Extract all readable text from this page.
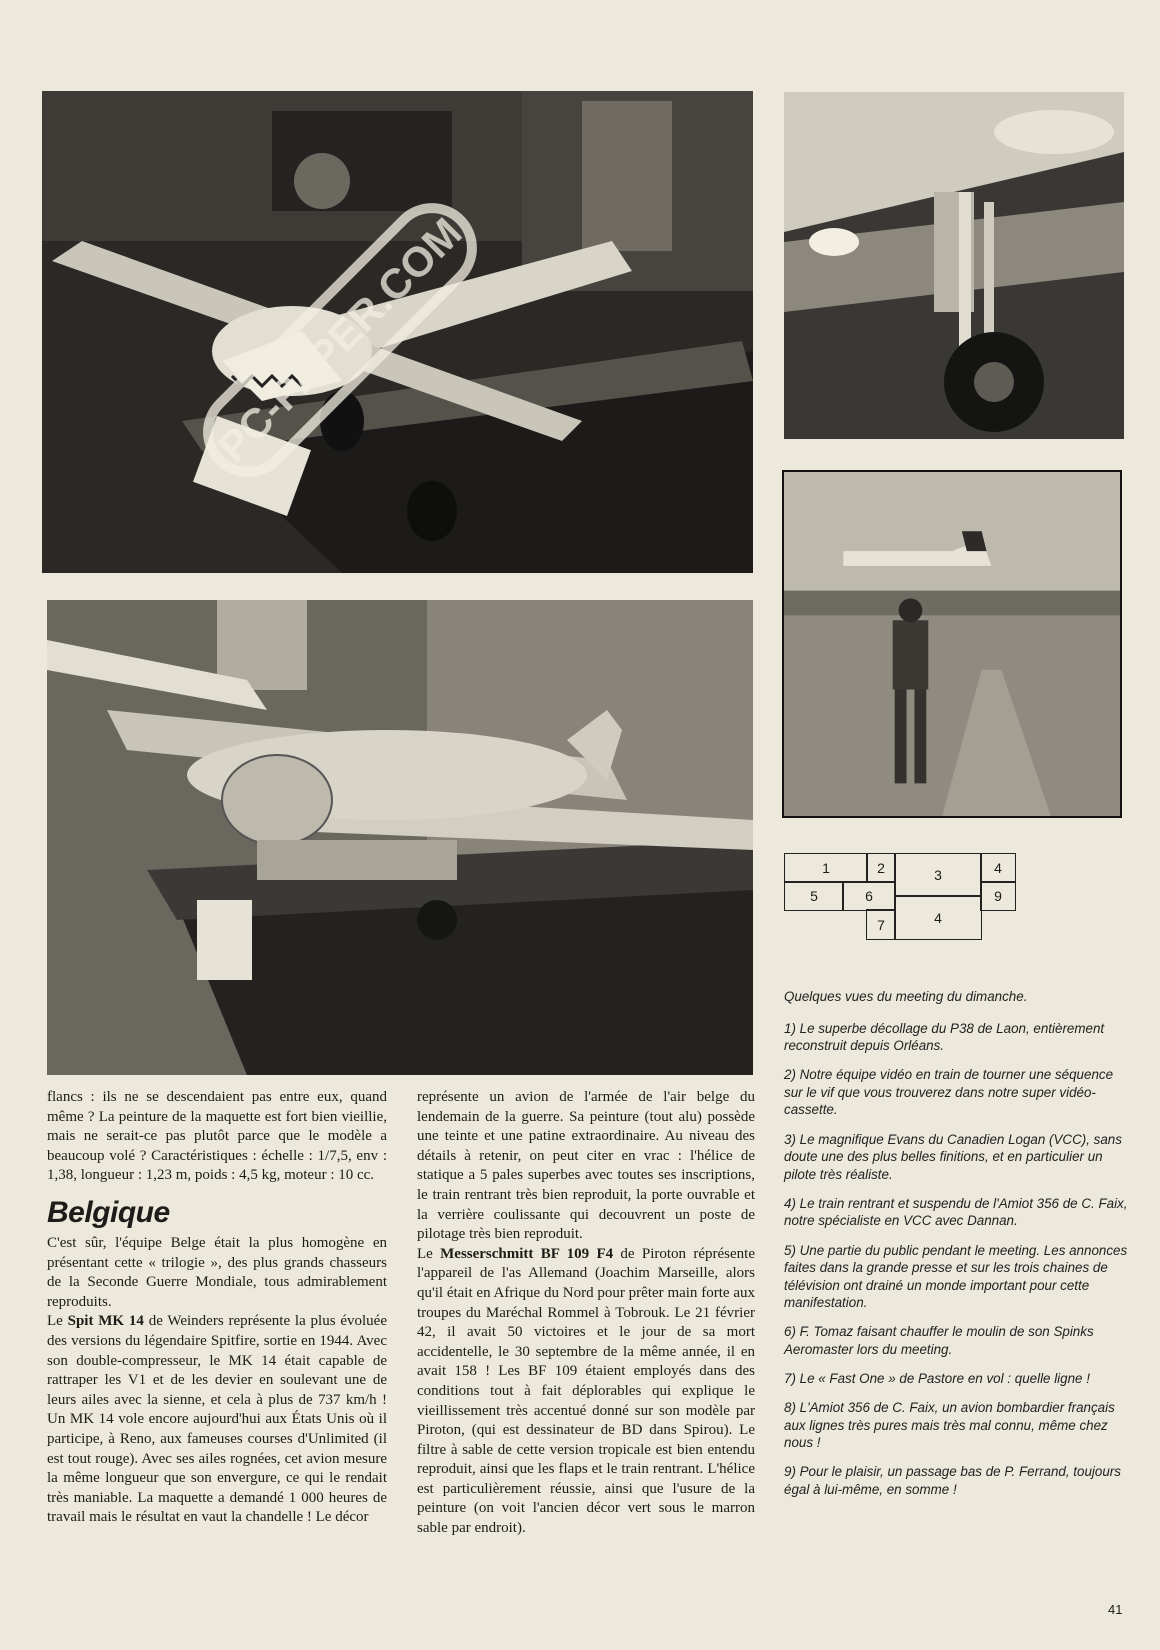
PC-PAPER.COM
1	2	3	4
5	6	9
7	4

flancs : ils ne se descendaient pas entre eux, quand même ? La peinture de la maquette est fort bien vieillie, mais ne serait-ce pas plutôt parce que le modèle a beaucoup volé ? Caractéristiques : échelle : 1/7,5, env : 1,38, longueur : 1,23 m, poids : 4,5 kg, moteur : 10 cc.

Belgique

C'est sûr, l'équipe Belge était la plus homogène en présentant cette « trilogie », des plus grands chasseurs de la Seconde Guerre Mondiale, tous admirablement reproduits.

Le Spit MK 14 de Weinders représente la plus évoluée des versions du légendaire Spitfire, sortie en 1944. Avec son double-compresseur, le MK 14 était capable de rattraper les V1 et de les devier en soulevant une de leurs ailes avec la sienne, et cela à plus de 737 km/h ! Un MK 14 vole encore aujourd'hui aux États Unis où il participe, à Reno, aux fameuses courses d'Unlimited (il est tout rouge). Avec ses ailes rognées, cet avion mesure la même longueur que son envergure, ce qui le rendait très maniable. La maquette a demandé 1 000 heures de travail mais le résultat en vaut la chandelle ! Le décor

représente un avion de l'armée de l'air belge du lendemain de la guerre. Sa peinture (tout alu) possède une teinte et une patine extraordinaire. Au niveau des détails à retenir, on peut citer en vrac : l'hélice de statique a 5 pales superbes avec toutes ses inscriptions, le train rentrant très bien reproduit, la porte ouvrable et la verrière coulissante qui decouvrent un poste de pilotage très bien reproduit.

Le Messerschmitt BF 109 F4 de Piroton réprésente l'appareil de l'as Allemand (Joachim Marseille, alors qu'il était en Afrique du Nord pour prêter main forte aux troupes du Maréchal Rommel à Tobrouk. Le 21 février 42, il avait 50 victoires et le jour de sa mort accidentelle, le 30 septembre de la même année, il en avait 158 ! Les BF 109 étaient employés dans des conditions tout à fait déplorables qui explique le vieillissement très accentué donné sur son modèle par Piroton, (qui est dessinateur de BD dans Spirou). Le filtre à sable de cette version tropicale est bien entendu reproduit, ainsi que les flaps et le train rentrant. L'hélice est particulièrement réussie, ainsi que l'usure de la peinture (on voit l'ancien décor vert sous le marron sable par endroit).

Quelques vues du meeting du dimanche.

1) Le superbe décollage du P38 de Laon, entièrement reconstruit depuis Orléans.

2) Notre équipe vidéo en train de tourner une séquence sur le vif que vous trouverez dans notre super vidéo-cassette.

3) Le magnifique Evans du Canadien Logan (VCC), sans doute une des plus belles finitions, et en particulier un pilote très réaliste.

4) Le train rentrant et suspendu de l'Amiot 356 de C. Faix, notre spécialiste en VCC avec Dannan.

5) Une partie du public pendant le meeting. Les annonces faites dans la grande presse et sur les trois chaines de télévision ont drainé un monde important pour cette manifestation.

6) F. Tomaz faisant chauffer le moulin de son Spinks Aeromaster lors du meeting.

7) Le « Fast One » de Pastore en vol : quelle ligne !

8) L'Amiot 356 de C. Faix, un avion bombardier français aux lignes très pures mais très mal connu, même chez nous !

9) Pour le plaisir, un passage bas de P. Ferrand, toujours égal à lui-même, en somme !

41
